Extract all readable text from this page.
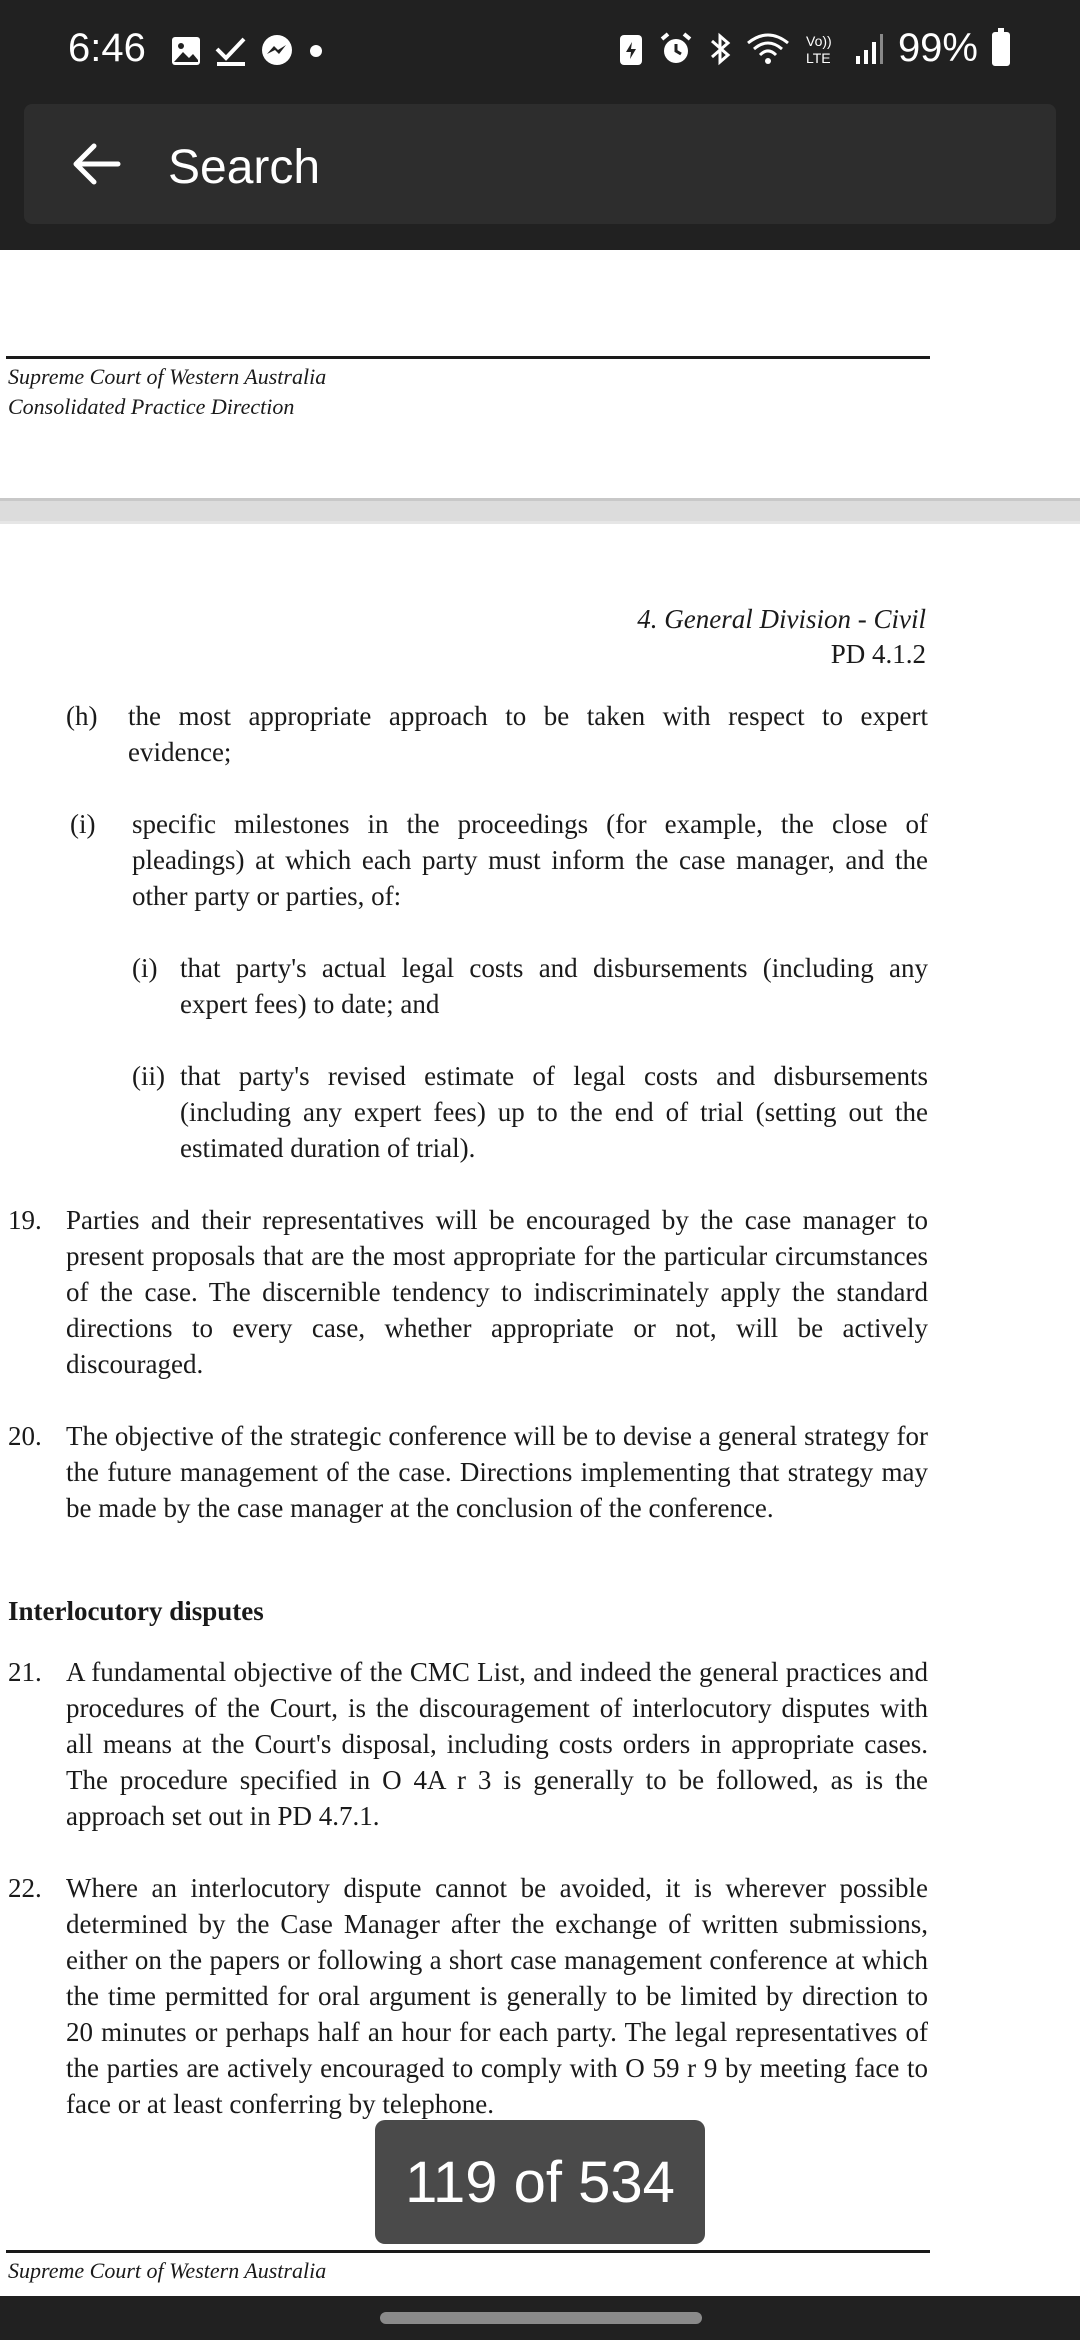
6:46	Vo))
LTE 99%
Search
Supreme Court of Western Australia
Consolidated Practice Direction
4. General Division - Civil
PD 4.1.2
(h) the most appropriate approach to be taken with respect to expert evidence;
(i) specific milestones in the proceedings (for example, the close of pleadings) at which each party must inform the case manager, and the other party or parties, of:
(i) that party's actual legal costs and disbursements (including any expert fees) to date; and
(ii) that party's revised estimate of legal costs and disbursements (including any expert fees) up to the end of trial (setting out the estimated duration of trial).
19. Parties and their representatives will be encouraged by the case manager to present proposals that are the most appropriate for the particular circumstances of the case. The discernible tendency to indiscriminately apply the standard directions to every case, whether appropriate or not, will be actively discouraged.
20. The objective of the strategic conference will be to devise a general strategy for the future management of the case. Directions implementing that strategy may be made by the case manager at the conclusion of the conference.
Interlocutory disputes
21. A fundamental objective of the CMC List, and indeed the general practices and procedures of the Court, is the discouragement of interlocutory disputes with all means at the Court's disposal, including costs orders in appropriate cases. The procedure specified in O 4A r 3 is generally to be followed, as is the approach set out in PD 4.7.1.
22. Where an interlocutory dispute cannot be avoided, it is wherever possible determined by the Case Manager after the exchange of written submissions, either on the papers or following a short case management conference at which the time permitted for oral argument is generally to be limited by direction to 20 minutes or perhaps half an hour for each party. The legal representatives of the parties are actively encouraged to comply with O 59 r 9 by meeting face to face or at least conferring by telephone.
Supreme Court of Western Australia
119 of 534
